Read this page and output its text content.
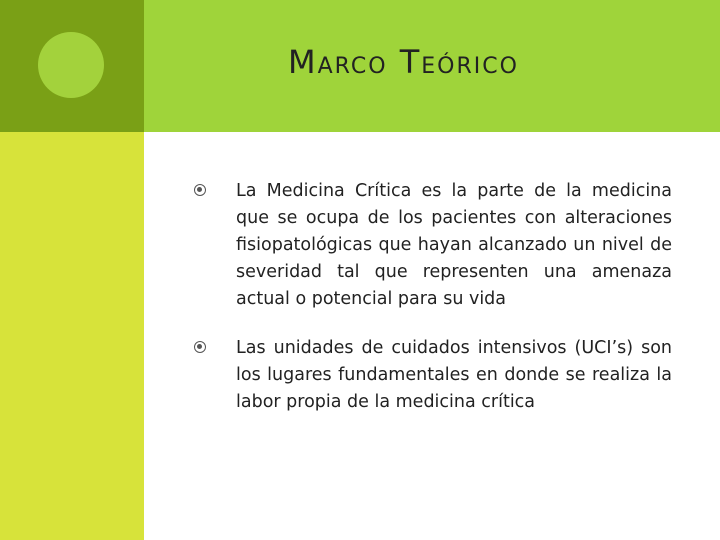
Marco Teórico
La Medicina Crítica es la parte de la medicina que se ocupa de los pacientes con alteraciones fisiopatológicas que hayan alcanzado un nivel de severidad tal que representen una amenaza actual o potencial para su vida
Las unidades de cuidados intensivos (UCI’s) son los lugares fundamentales en donde se realiza la labor propia de la medicina crítica
